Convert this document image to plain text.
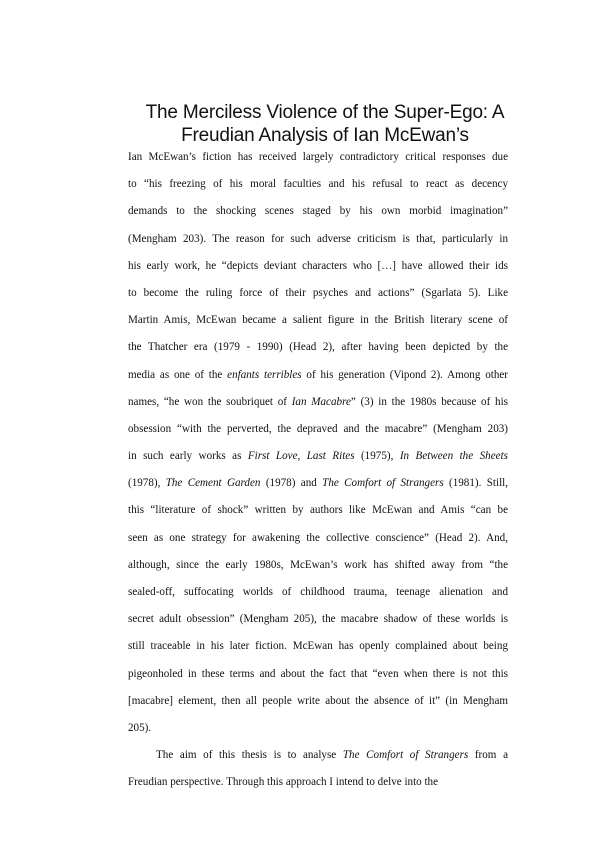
The Merciless Violence of the Super-Ego: A
Freudian Analysis of Ian McEwan’s
Ian McEwan’s fiction has received largely contradictory critical responses due
to “his freezing of his moral faculties and his refusal to react as decency
demands to the shocking scenes staged by his own morbid imagination”
(Mengham 203). The reason for such adverse criticism is that, particularly in
his early work, he “depicts deviant characters who […] have allowed their ids
to become the ruling force of their psyches and actions” (Sgarlata 5). Like
Martin Amis, McEwan became a salient figure in the British literary scene of
the Thatcher era (1979 - 1990) (Head 2), after having been depicted by the
media as one of the enfants terribles of his generation (Vipond 2). Among other
names, “he won the soubriquet of Ian Macabre” (3) in the 1980s because of his
obsession “with the perverted, the depraved and the macabre” (Mengham 203)
in such early works as First Love, Last Rites (1975), In Between the Sheets
(1978), The Cement Garden (1978) and The Comfort of Strangers (1981). Still,
this “literature of shock” written by authors like McEwan and Amis “can be
seen as one strategy for awakening the collective conscience” (Head 2). And,
although, since the early 1980s, McEwan’s work has shifted away from “the
sealed-off, suffocating worlds of childhood trauma, teenage alienation and
secret adult obsession” (Mengham 205), the macabre shadow of these worlds is
still traceable in his later fiction. McEwan has openly complained about being
pigeonholed in these terms and about the fact that “even when there is not this
[macabre] element, then all people write about the absence of it” (in Mengham
205).
The aim of this thesis is to analyse The Comfort of Strangers from a
Freudian perspective. Through this approach I intend to delve into the
